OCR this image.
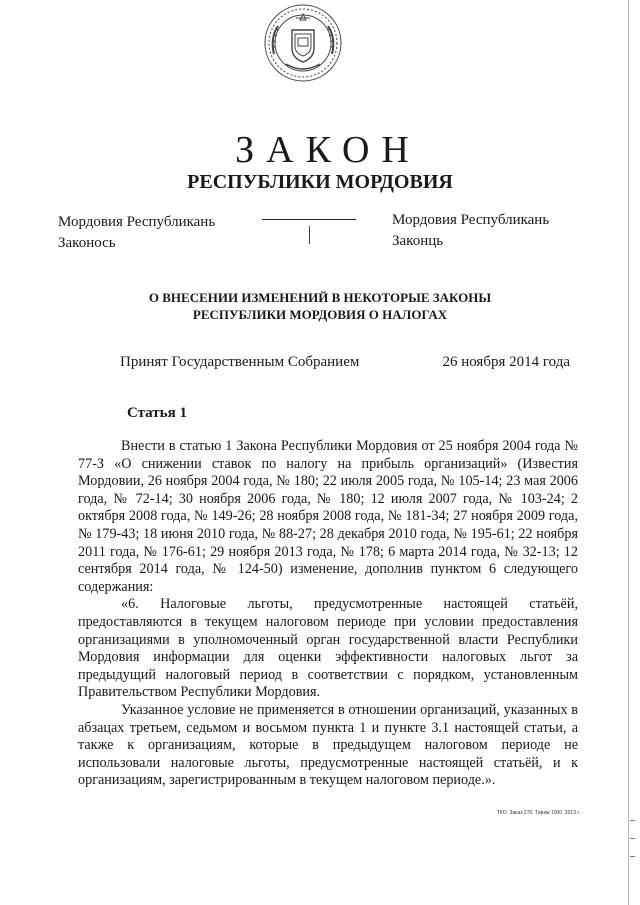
ЗАКОН
РЕСПУБЛИКИ МОРДОВИЯ
Мордовия Республикань
Законось
Мордовия Республикань
Законць
О ВНЕСЕНИИ ИЗМЕНЕНИЙ В НЕКОТОРЫЕ ЗАКОНЫ
РЕСПУБЛИКИ МОРДОВИЯ О НАЛОГАХ
Принят Государственным Собранием	26 ноября 2014 года
Статья 1

Внести в статью 1 Закона Республики Мордовия от 25 ноября 2004 года № 77-З «О снижении ставок по налогу на прибыль организаций» (Известия Мордовии, 26 ноября 2004 года, № 180; 22 июля 2005 года, № 105-14; 23 мая 2006 года, № 72-14; 30 ноября 2006 года, № 180; 12 июля 2007 года, № 103-24; 2 октября 2008 года, № 149-26; 28 ноября 2008 года, № 181-34; 27 ноября 2009 года, № 179-43; 18 июня 2010 года, № 88-27; 28 декабря 2010 года, № 195-61; 22 ноября 2011 года, № 176-61; 29 ноября 2013 года, № 178; 6 марта 2014 года, № 32-13; 12 сентября 2014 года, № 124-50) изменение, дополнив пунктом 6 следующего содержания:

«6. Налоговые льготы, предусмотренные настоящей статьёй, предоставляются в текущем налоговом периоде при условии предоставления организациями в уполномоченный орган государственной власти Республики Мордовия информации для оценки эффективности налоговых льгот за предыдущий налоговый период в соответствии с порядком, установленным Правительством Республики Мордовия.

Указанное условие не применяется в отношении организаций, указанных в абзацах третьем, седьмом и восьмом пункта 1 и пункте 3.1 настоящей статьи, а также к организациям, которые в предыдущем налоговом периоде не использовали налоговые льготы, предусмотренные настоящей статьёй, и к организациям, зарегистрированным в текущем налоговом периоде.».

ТКО. Заказ 270. Тираж 1000. 2013 г.
